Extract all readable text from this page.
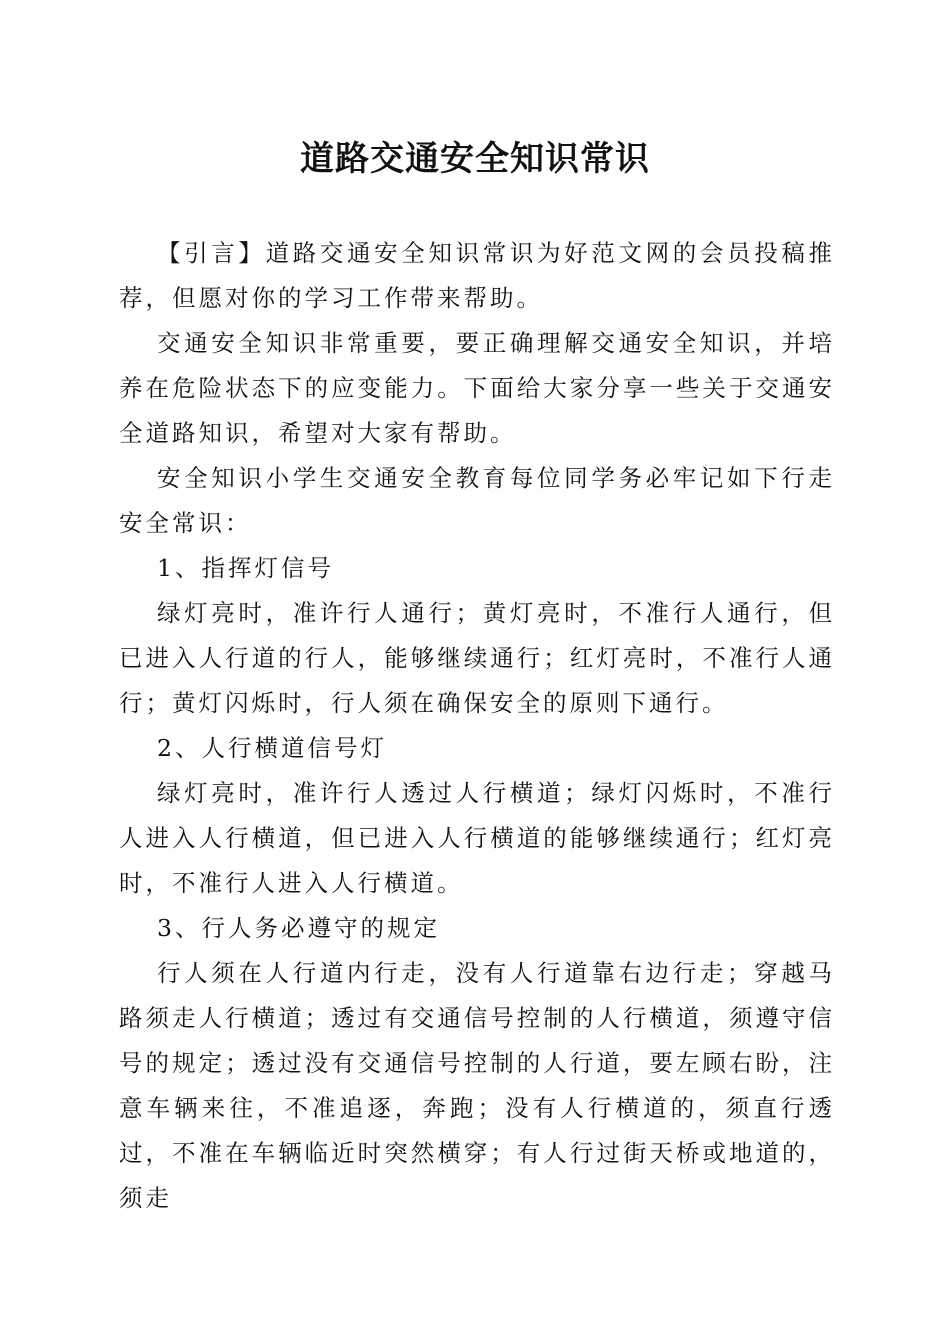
道路交通安全知识常识

【引言】道路交通安全知识常识为好范文网的会员投稿推荐，但愿对你的学习工作带来帮助。

交通安全知识非常重要，要正确理解交通安全知识，并培养在危险状态下的应变能力。下面给大家分享一些关于交通安全道路知识，希望对大家有帮助。

安全知识小学生交通安全教育每位同学务必牢记如下行走安全常识：

1、指挥灯信号

绿灯亮时，准许行人通行；黄灯亮时，不准行人通行，但已进入人行道的行人，能够继续通行；红灯亮时，不准行人通行；黄灯闪烁时，行人须在确保安全的原则下通行。

2、人行横道信号灯

绿灯亮时，准许行人透过人行横道；绿灯闪烁时，不准行人进入人行横道，但已进入人行横道的能够继续通行；红灯亮时，不准行人进入人行横道。

3、行人务必遵守的规定

行人须在人行道内行走，没有人行道靠右边行走；穿越马路须走人行横道；透过有交通信号控制的人行横道，须遵守信号的规定；透过没有交通信号控制的人行道，要左顾右盼，注意车辆来往，不准追逐，奔跑；没有人行横道的，须直行透过，不准在车辆临近时突然横穿；有人行过街天桥或地道的，须走
